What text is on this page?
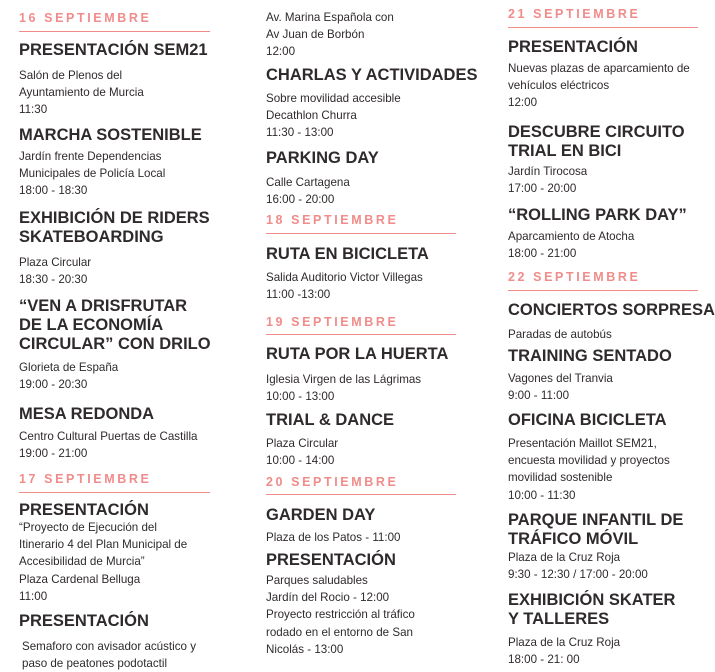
16 SEPTIEMBRE
PRESENTACIÓN SEM21
Salón de Plenos del
Ayuntamiento de Murcia
11:30
MARCHA SOSTENIBLE
Jardín frente Dependencias
Municipales de Policía Local
18:00 - 18:30
EXHIBICIÓN DE RIDERS
SKATEBOARDING
Plaza Circular
18:30 - 20:30
“VEN A DRISFRUTAR
DE LA ECONOMÍA
CIRCULAR” CON DRILO
Glorieta de España
19:00 - 20:30
MESA REDONDA
Centro Cultural Puertas de Castilla
19:00 - 21:00
17 SEPTIEMBRE
PRESENTACIÓN
“Proyecto de Ejecución del
Itinerario 4 del Plan Municipal de
Accesibilidad de Murcia”
Plaza Cardenal Belluga
11:00
PRESENTACIÓN
Semaforo con avisador acústico y
paso de peatones podotactil
Av. Marina Española con
Av Juan de Borbón
12:00
CHARLAS Y ACTIVIDADES
Sobre movilidad accesible
Decathlon Churra
11:30 - 13:00
PARKING DAY
Calle Cartagena
16:00 - 20:00
18 SEPTIEMBRE
RUTA EN BICICLETA
Salida Auditorio Victor Villegas
11:00 -13:00
19 SEPTIEMBRE
RUTA POR LA HUERTA
Iglesia Virgen de las Lágrimas
10:00 - 13:00
TRIAL & DANCE
Plaza Circular
10:00 - 14:00
20 SEPTIEMBRE
GARDEN DAY
Plaza de los Patos - 11:00
PRESENTACIÓN
Parques saludables
Jardín del Rocio - 12:00
Proyecto restricción al tráfico
rodado en el entorno de San
Nicolás - 13:00
21 SEPTIEMBRE
PRESENTACIÓN
Nuevas plazas de aparcamiento de
vehículos eléctricos
12:00
DESCUBRE CIRCUITO
TRIAL EN BICI
Jardín Tirocosa
17:00 - 20:00
“ROLLING PARK DAY”
Aparcamiento de Atocha
18:00 - 21:00
22 SEPTIEMBRE
CONCIERTOS SORPRESA
Paradas de autobús
TRAINING SENTADO
Vagones del Tranvia
9:00 - 11:00
OFICINA BICICLETA
Presentación Maillot SEM21,
encuesta movilidad y proyectos
movilidad sostenible
10:00 - 11:30
PARQUE INFANTIL DE
TRÁFICO MÓVIL
Plaza de la Cruz Roja
9:30 - 12:30 / 17:00 - 20:00
EXHIBICIÓN SKATER
Y TALLERES
Plaza de la Cruz Roja
18:00 - 21: 00
